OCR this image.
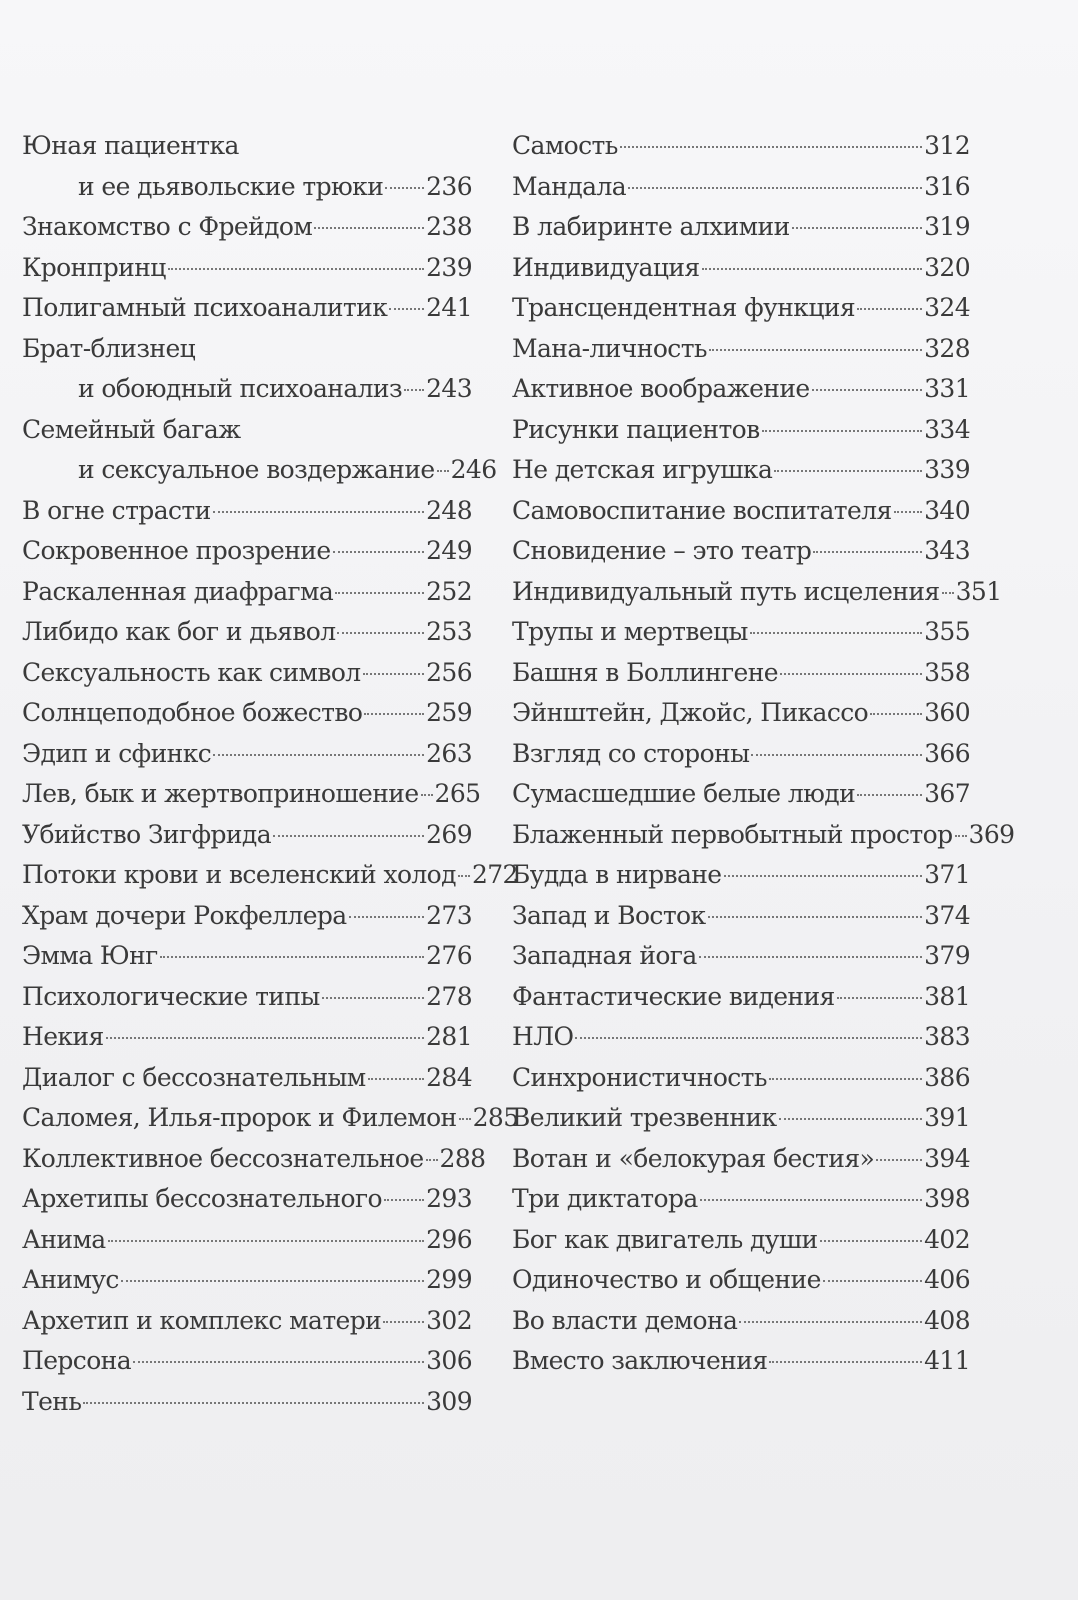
Юная пациентка
и ее дьявольские трюки 236
Знакомство с Фрейдом	238
Кронпринц	239
Полигамный психоаналитик 241
Брат-близнец
и обоюдный психоанализ 243
Семейный багаж
и сексуальное воздержание 246
В огне страсти	248
Сокровенное прозрение	249
Раскаленная диафрагма	252
Либидо как бог и дьявол	253
Сексуальность как символ	256
Солнцеподобное божество	259
Эдип и сфинкс	263
Лев, бык и жертвоприношение 265
Убийство Зигфрида	269
Потоки крови и вселенский холод 272
Храм дочери Рокфеллера	273
Эмма Юнг	276
Психологические типы	278
Некия	281
Диалог с бессознательным 284
Саломея, Илья-пророк и Филемон 285
Коллективное бессознательное 288
Архетипы бессознательного 293
Анима	296
Анимус	299
Архетип и комплекс матери 302
Персона	306
Тень	309
Самость	312
Мандала	316
В лабиринте алхимии	319
Индивидуация	320
Трансцендентная функция	324
Мана-личность	328
Активное воображение	331
Рисунки пациентов	334
Не детская игрушка	339
Самовоспитание воспитателя 340
Сновидение – это театр	343
Индивидуальный путь исцеления 351
Трупы и мертвецы	355
Башня в Боллингене	358
Эйнштейн, Джойс, Пикассо 360
Взгляд со стороны	366
Сумасшедшие белые люди	367
Блаженный первобытный простор 369
Будда в нирване	371
Запад и Восток	374
Западная йога	379
Фантастические видения	381
НЛО	383
Синхронистичность	386
Великий трезвенник	391
Вотан и «белокурая бестия» 394
Три диктатора	398
Бог как двигатель души	402
Одиночество и общение	406
Во власти демона	408
Вместо заключения	411
